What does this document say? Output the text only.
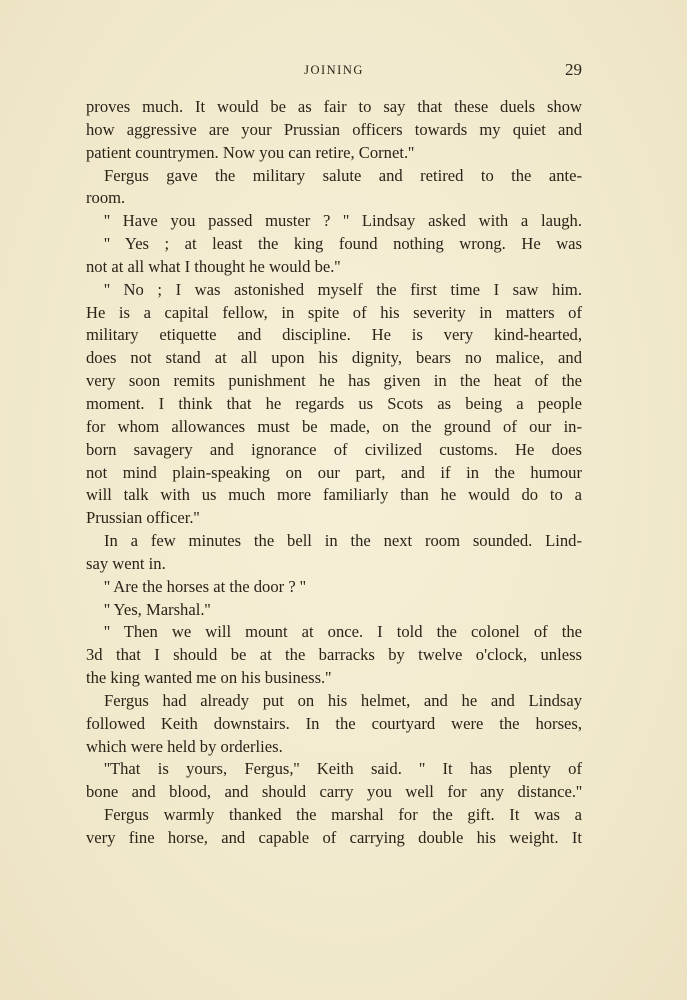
JOINING	29
proves much. It would be as fair to say that these duels show
how aggressive are your Prussian officers towards my quiet and
patient countrymen. Now you can retire, Cornet.''
Fergus gave the military salute and retired to the ante-
room.
'' Have you passed muster ? '' Lindsay asked with a laugh.
'' Yes ; at least the king found nothing wrong. He was
not at all what I thought he would be.''
'' No ; I was astonished myself the first time I saw him.
He is a capital fellow, in spite of his severity in matters of
military etiquette and discipline. He is very kind-hearted,
does not stand at all upon his dignity, bears no malice, and
very soon remits punishment he has given in the heat of the
moment. I think that he regards us Scots as being a people
for whom allowances must be made, on the ground of our in-
born savagery and ignorance of civilized customs. He does
not mind plain-speaking on our part, and if in the humour
will talk with us much more familiarly than he would do to a
Prussian officer.''
In a few minutes the bell in the next room sounded. Lind-
say went in.
'' Are the horses at the door ? ''
'' Yes, Marshal.''
'' Then we will mount at once. I told the colonel of the
3d that I should be at the barracks by twelve o'clock, unless
the king wanted me on his business.''
Fergus had already put on his helmet, and he and Lindsay
followed Keith downstairs. In the courtyard were the horses,
which were held by orderlies.
''That is yours, Fergus,'' Keith said. '' It has plenty of
bone and blood, and should carry you well for any distance.''
Fergus warmly thanked the marshal for the gift. It was a
very fine horse, and capable of carrying double his weight. It
